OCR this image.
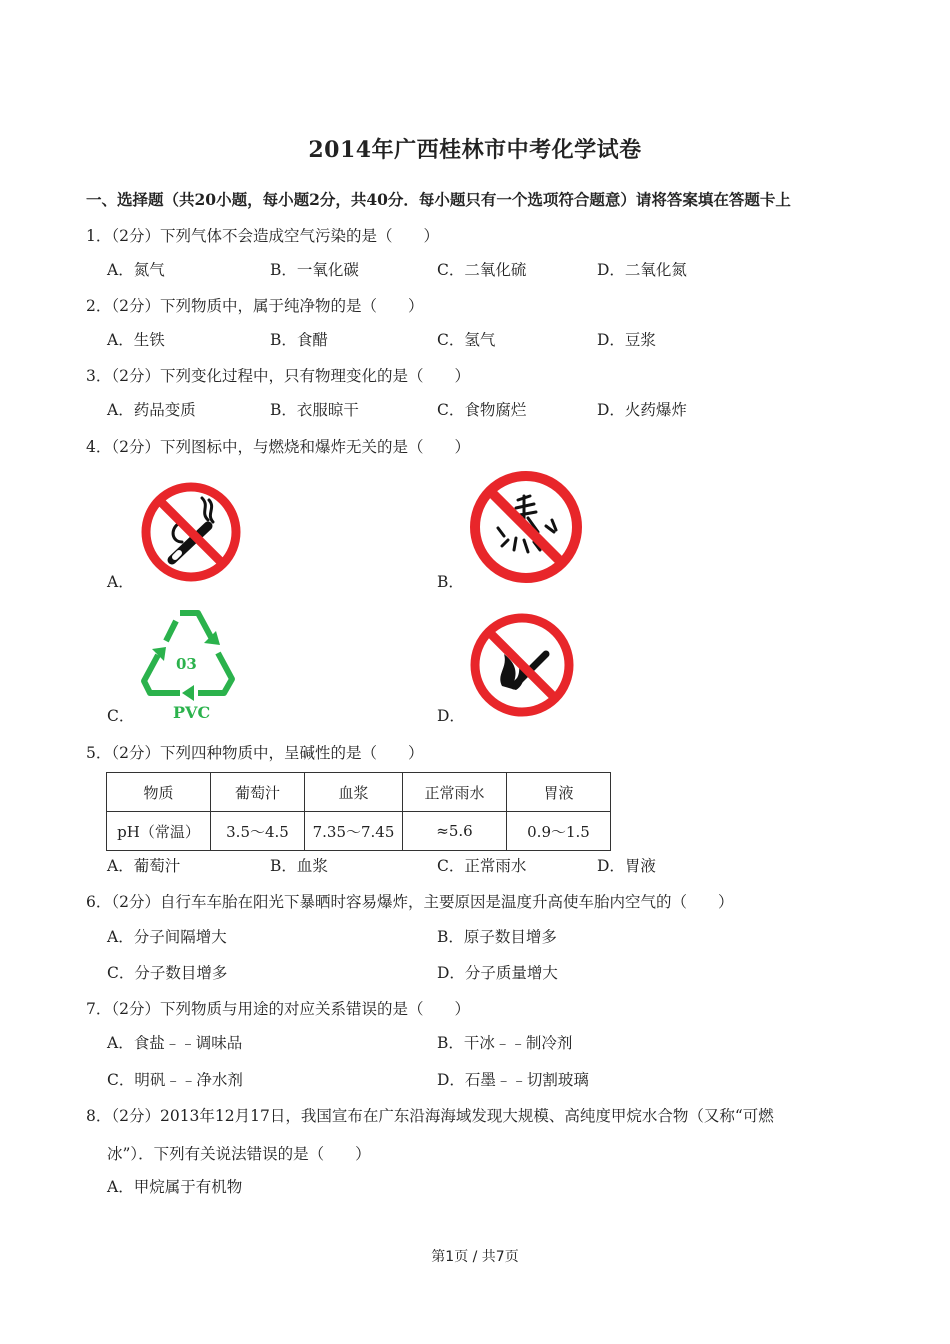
2014年广西桂林市中考化学试卷
一、选择题（共20小题，每小题2分，共40分．每小题只有一个选项符合题意）请将答案填在答题卡上
1．（2分）下列气体不会造成空气污染的是（　　）
A．氮气	B．一氧化碳	C．二氧化硫	D．二氧化氮
2．（2分）下列物质中，属于纯净物的是（　　）
A．生铁	B．食醋	C．氢气	D．豆浆
3．（2分）下列变化过程中，只有物理变化的是（　　）
A．药品变质	B．衣服晾干	C．食物腐烂	D．火药爆炸
4．（2分）下列图标中，与燃烧和爆炸无关的是（　　）
A．	B．
C．	D．
03
PVC
5．（2分）下列四种物质中，呈碱性的是（　　）
物质	葡萄汁	血浆	正常雨水	胃液
pH（常温）	3.5～4.5	7.35～7.45	≈5.6	0.9～1.5
A．葡萄汁	B．血浆	C．正常雨水	D．胃液
6．（2分）自行车车胎在阳光下暴晒时容易爆炸，主要原因是温度升高使车胎内空气的（　　）
A．分子间隔增大	B．原子数目增多
C．分子数目增多	D．分子质量增大
7．（2分）下列物质与用途的对应关系错误的是（　　）
A．食盐﹣﹣调味品	B．干冰﹣﹣制冷剂
C．明矾﹣﹣净水剂	D．石墨﹣﹣切割玻璃
8．（2分）2013年12月17日，我国宣布在广东沿海海域发现大规模、高纯度甲烷水合物（又称“可燃
冰”）．下列有关说法错误的是（　　）
A．甲烷属于有机物
第1页 / 共7页
